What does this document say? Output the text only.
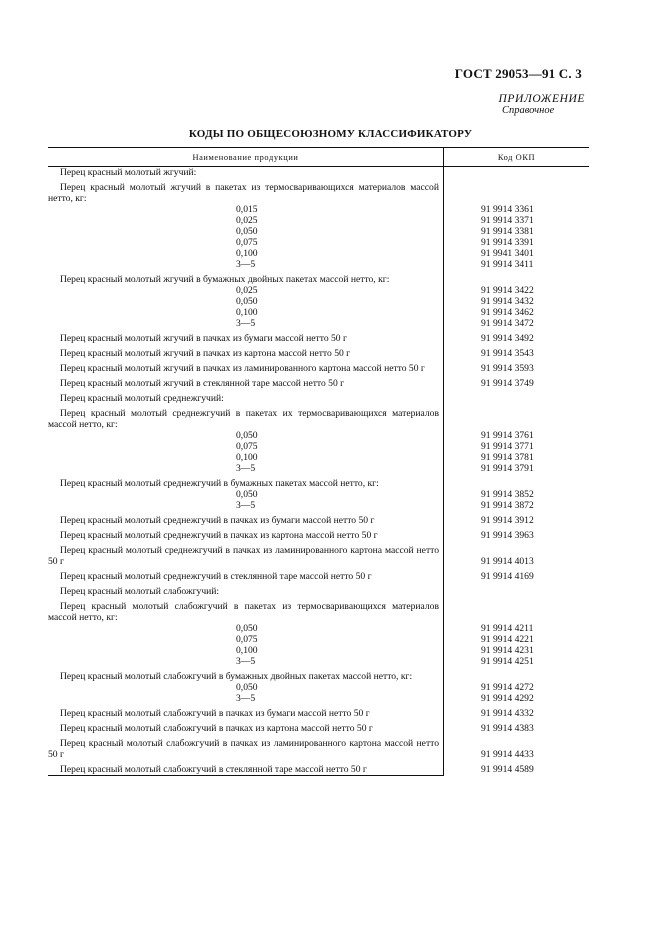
ГОСТ 29053—91 С. 3
ПРИЛОЖЕНИЕ
Справочное
КОДЫ ПО ОБЩЕСОЮЗНОМУ КЛАССИФИКАТОРУ
Наименование продукции	Код ОКП
Перец красный молотый жгучий:
Перец красный молотый жгучий в пакетах из термосваривающихся материалов массой нетто, кг:
0,015	91 9914 3361
0,025	91 9914 3371
0,050	91 9914 3381
0,075	91 9914 3391
0,100	91 9941 3401
3—5	91 9914 3411
Перец красный молотый жгучий в бумажных двойных пакетах массой нетто, кг:
0,025	91 9914 3422
0,050	91 9914 3432
0,100	91 9914 3462
3—5	91 9914 3472
Перец красный молотый жгучий в пачках из бумаги массой нетто 50 г	91 9914 3492
Перец красный молотый жгучий в пачках из картона массой нетто 50 г	91 9914 3543
Перец красный молотый жгучий в пачках из ламинированного картона массой нетто 50 г	91 9914 3593
Перец красный молотый жгучий в стеклянной таре массой нетто 50 г	91 9914 3749
Перец красный молотый среднежгучий:
Перец красный молотый среднежгучий в пакетах их термосваривающихся материалов массой нетто, кг:
0,050	91 9914 3761
0,075	91 9914 3771
0,100	91 9914 3781
3—5	91 9914 3791
Перец красный молотый среднежгучий в бумажных пакетах массой нетто, кг:
0,050	91 9914 3852
3—5	91 9914 3872
Перец красный молотый среднежгучий в пачках из бумаги массой нетто 50 г	91 9914 3912
Перец красный молотый среднежгучий в пачках из картона массой нетто 50 г	91 9914 3963
Перец красный молотый среднежгучий в пачках из ламинированного картона массой нетто 50 г	91 9914 4013
Перец красный молотый среднежгучий в стеклянной таре массой нетто 50 г	91 9914 4169
Перец красный молотый слабожгучий:
Перец красный молотый слабожгучий в пакетах из термосваривающихся материалов массой нетто, кг:
0,050	91 9914 4211
0,075	91 9914 4221
0,100	91 9914 4231
3—5	91 9914 4251
Перец красный молотый слабожгучий в бумажных двойных пакетах массой нетто, кг:
0,050	91 9914 4272
3—5	91 9914 4292
Перец красный молотый слабожгучий в пачках из бумаги массой нетто 50 г	91 9914 4332
Перец красный молотый слабожгучий в пачках из картона массой нетто 50 г	91 9914 4383
Перец красный молотый слабожгучий в пачках из ламинированного картона массой нетто 50 г	91 9914 4433
Перец красный молотый слабожгучий в стеклянной таре массой нетто 50 г	91 9914 4589
